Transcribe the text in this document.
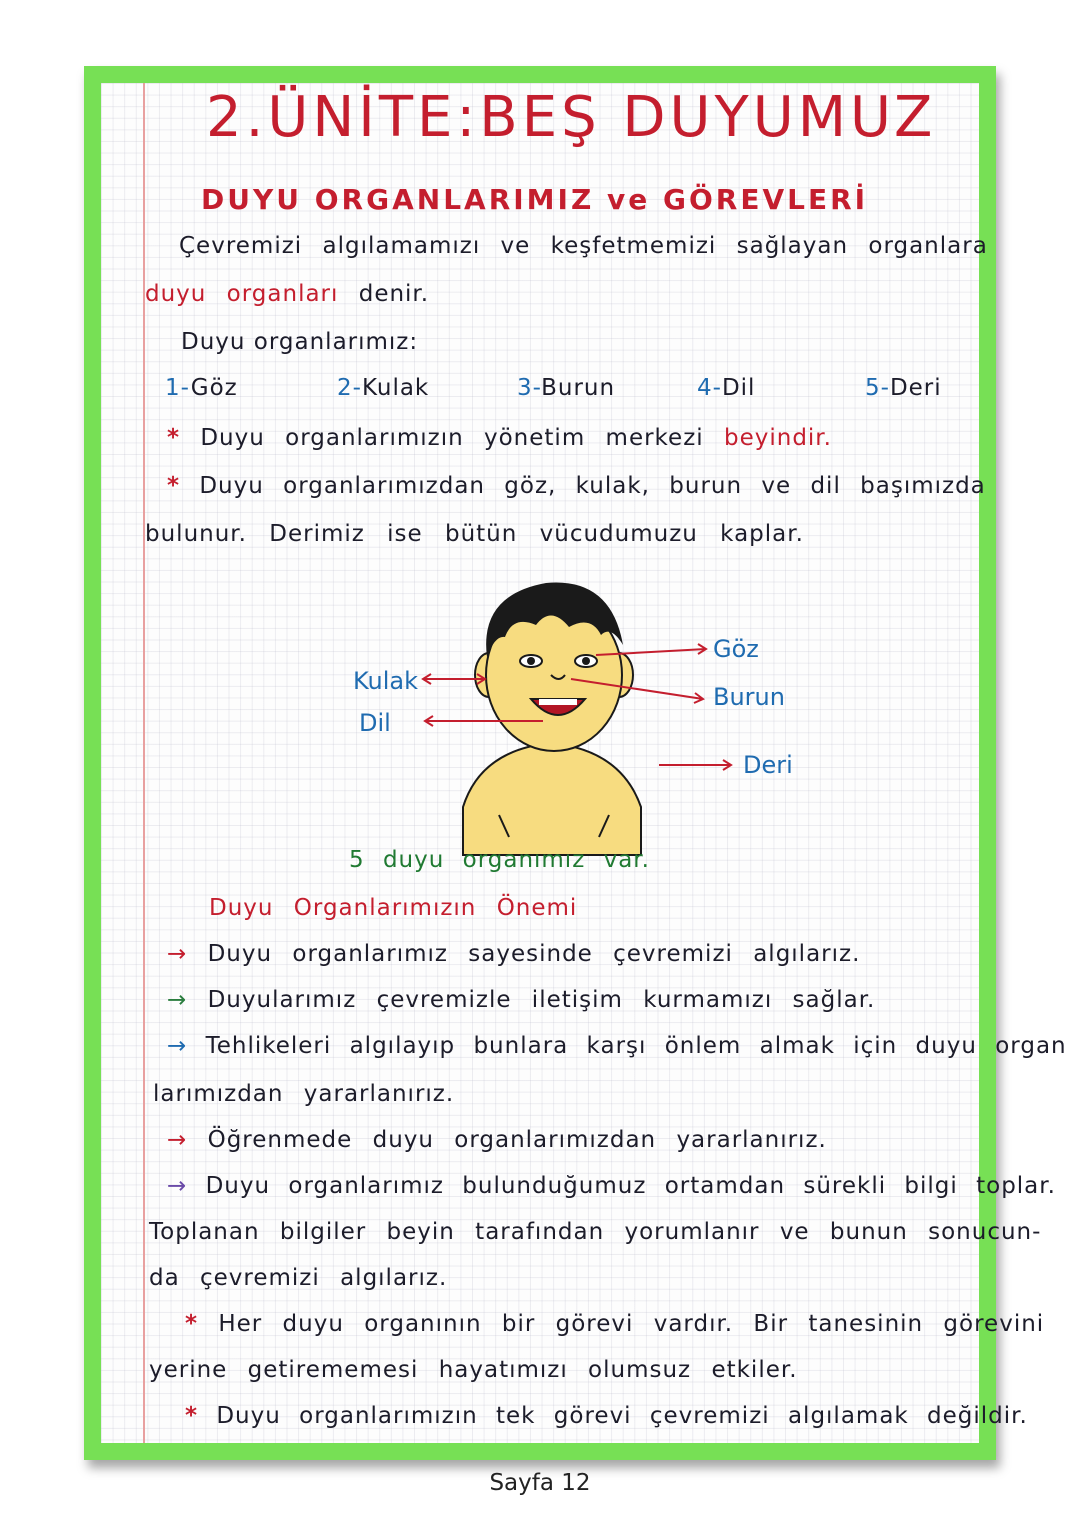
2.ÜNİTE:BEŞ DUYUMUZ
DUYU ORGANLARIMIZ ve GÖREVLERİ
Çevremizi algılamamızı ve keşfetmemizi sağlayan organlara
duyu organları denir.
Duyu organlarımız:
1-Göz	2-Kulak	3-Burun	4-Dil	5-Deri
* Duyu organlarımızın yönetim merkezi beyindir.
* Duyu organlarımızdan göz, kulak, burun ve dil başımızda
bulunur. Derimiz ise bütün vücudumuzu kaplar.
Göz
Burun
Deri
Kulak
Dil
5 duyu organımız var.
Duyu Organlarımızın Önemi
→ Duyu organlarımız sayesinde çevremizi algılarız.
→ Duyularımız çevremizle iletişim kurmamızı sağlar.
→ Tehlikeleri algılayıp bunlara karşı önlem almak için duyu organ
larımızdan yararlanırız.
→ Öğrenmede duyu organlarımızdan yararlanırız.
→ Duyu organlarımız bulunduğumuz ortamdan sürekli bilgi toplar.
Toplanan bilgiler beyin tarafından yorumlanır ve bunun sonucun-
da çevremizi algılarız.
* Her duyu organının bir görevi vardır. Bir tanesinin görevini
yerine getirememesi hayatımızı olumsuz etkiler.
* Duyu organlarımızın tek görevi çevremizi algılamak değildir.
Sayfa 12
